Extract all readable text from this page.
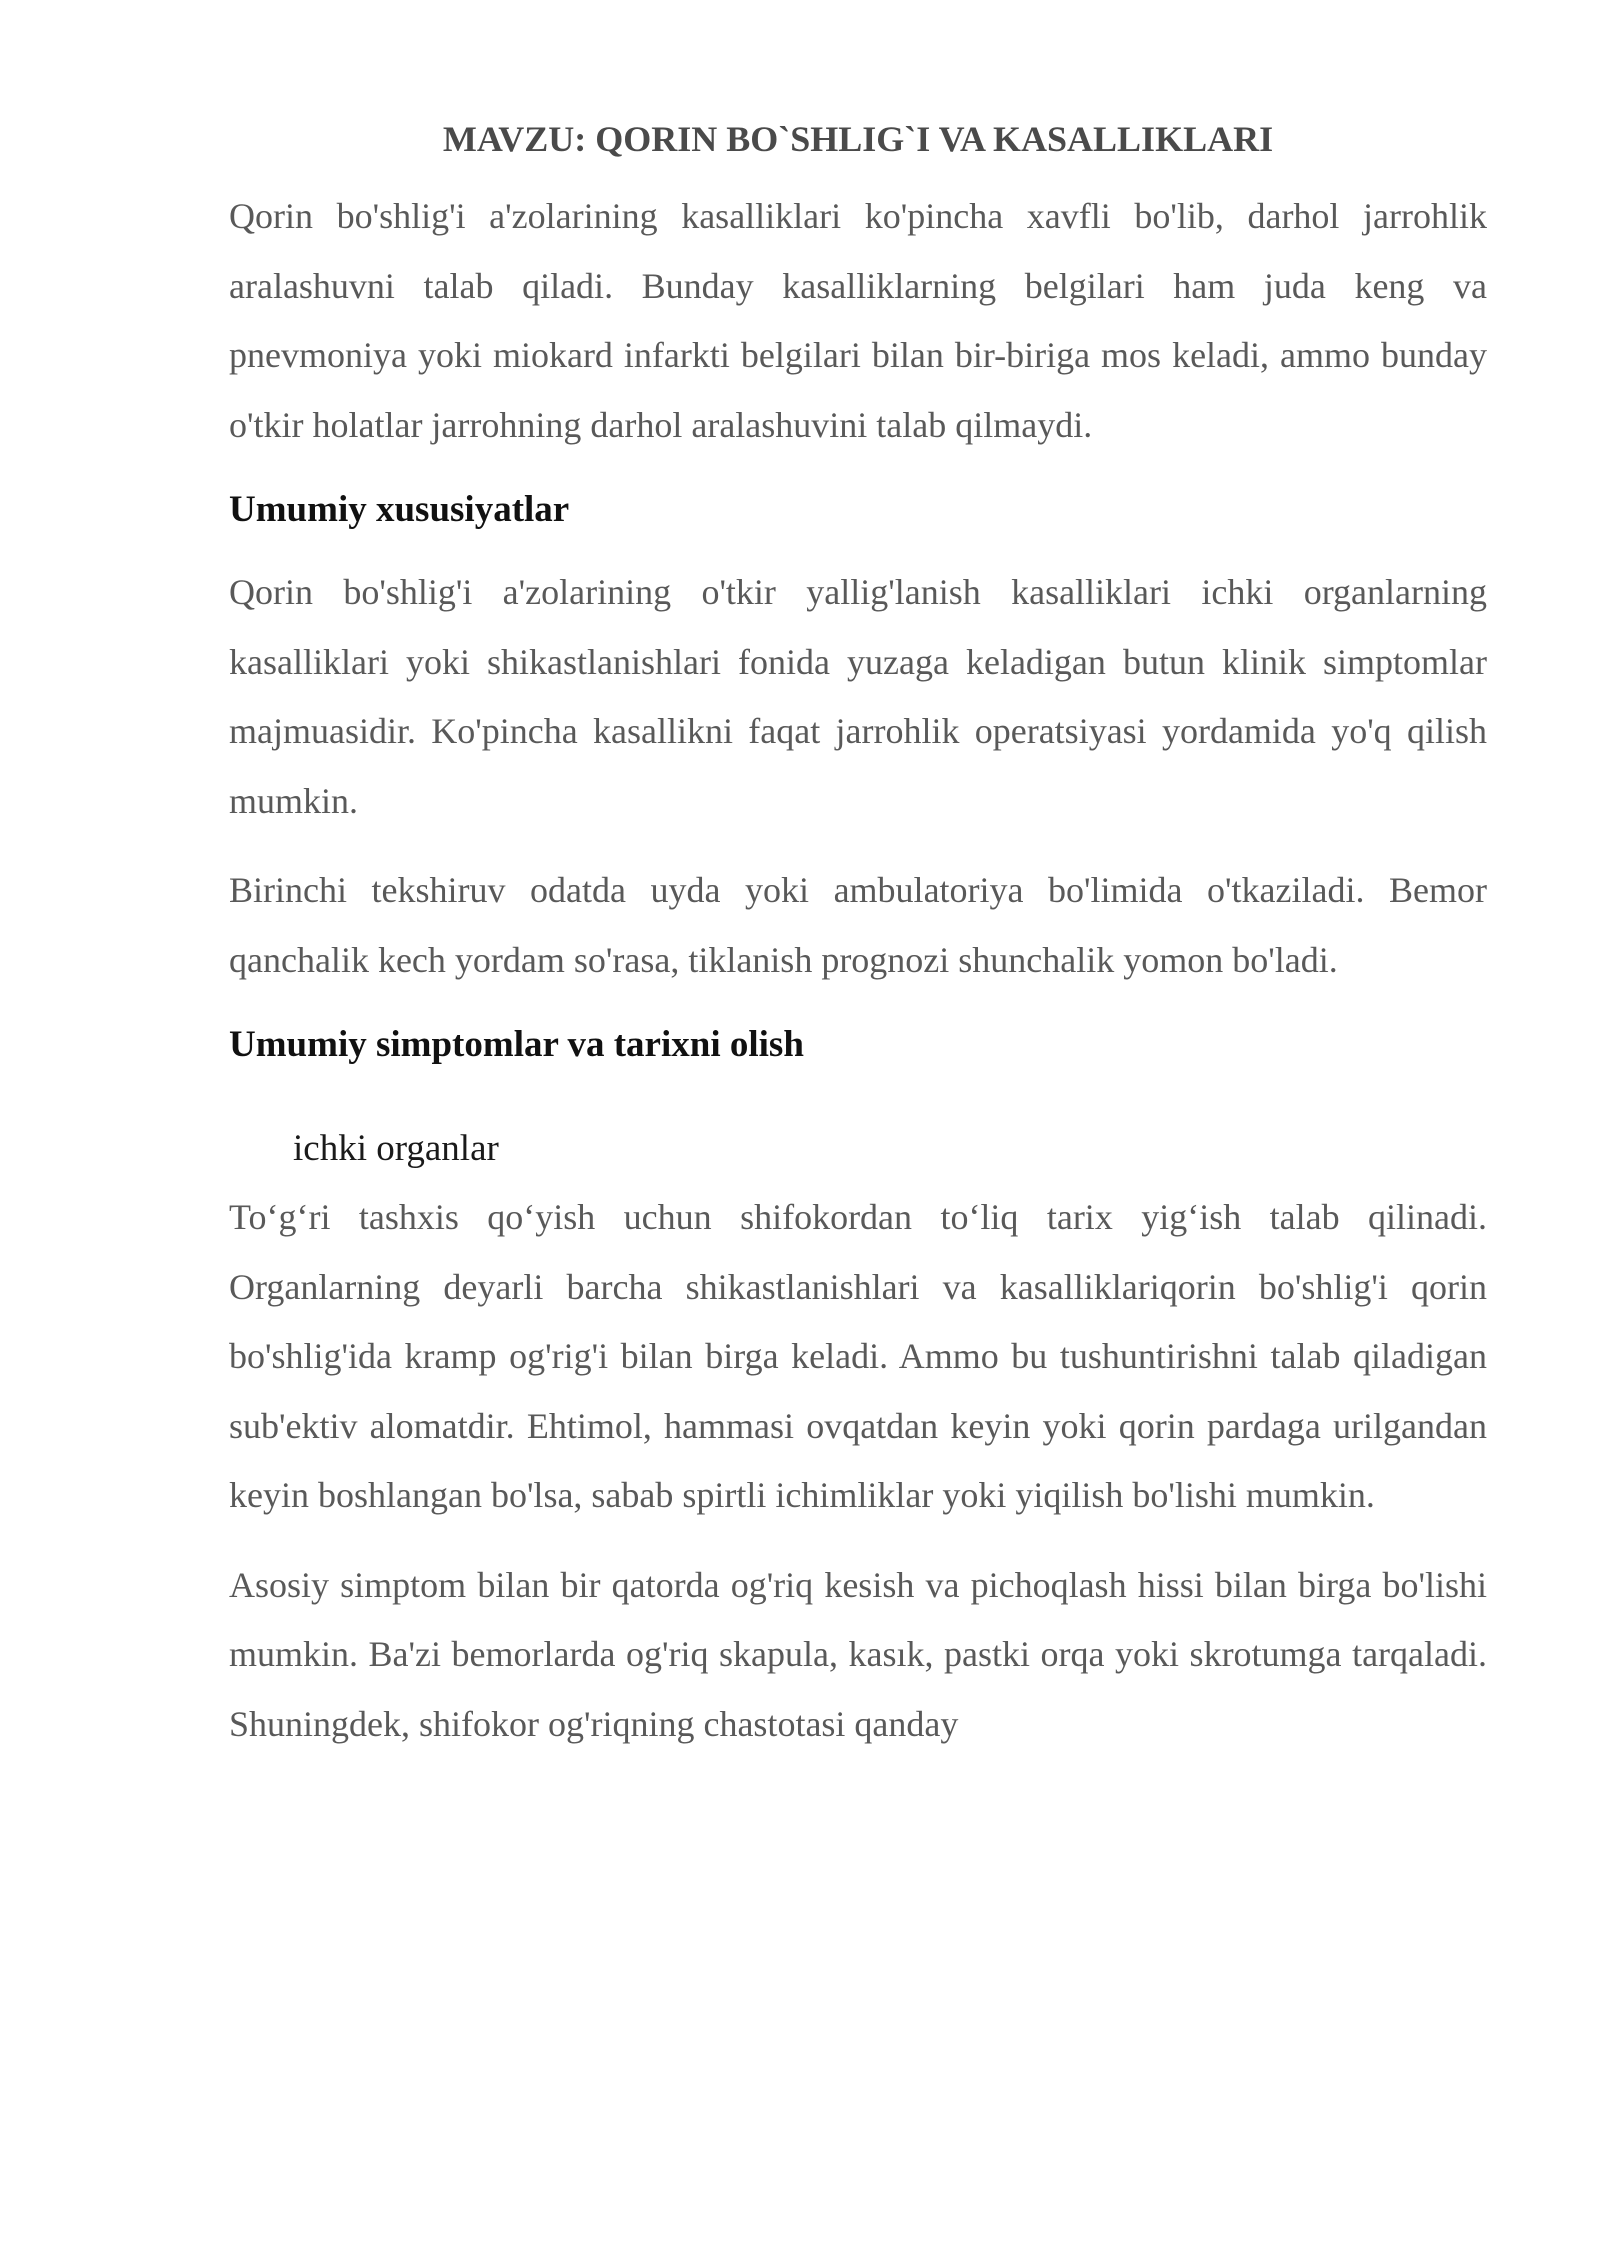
MAVZU: QORIN BO`SHLIG`I VA KASALLIKLARI

Qorin bo'shlig'i a'zolarining kasalliklari ko'pincha xavfli bo'lib, darhol jarrohlik aralashuvni talab qiladi. Bunday kasalliklarning belgilari ham juda keng va pnevmoniya yoki miokard infarkti belgilari bilan bir-biriga mos keladi, ammo bunday o'tkir holatlar jarrohning darhol aralashuvini talab qilmaydi.

Umumiy xususiyatlar

Qorin bo'shlig'i a'zolarining o'tkir yallig'lanish kasalliklari ichki organlarning kasalliklari yoki shikastlanishlari fonida yuzaga keladigan butun klinik simptomlar majmuasidir. Ko'pincha kasallikni faqat jarrohlik operatsiyasi yordamida yo'q qilish mumkin.

Birinchi tekshiruv odatda uyda yoki ambulatoriya bo'limida o'tkaziladi. Bemor qanchalik kech yordam so'rasa, tiklanish prognozi shunchalik yomon bo'ladi.

Umumiy simptomlar va tarixni olish
ichki organlar

To‘g‘ri tashxis qo‘yish uchun shifokordan to‘liq tarix yig‘ish talab qilinadi. Organlarning deyarli barcha shikastlanishlari va kasalliklariqorin bo'shlig'i qorin bo'shlig'ida kramp og'rig'i bilan birga keladi. Ammo bu tushuntirishni talab qiladigan sub'ektiv alomatdir. Ehtimol, hammasi ovqatdan keyin yoki qorin pardaga urilgandan keyin boshlangan bo'lsa, sabab spirtli ichimliklar yoki yiqilish bo'lishi mumkin.

Asosiy simptom bilan bir qatorda og'riq kesish va pichoqlash hissi bilan birga bo'lishi mumkin. Ba'zi bemorlarda og'riq skapula, kasık, pastki orqa yoki skrotumga tarqaladi. Shuningdek, shifokor og'riqning chastotasi qanday
